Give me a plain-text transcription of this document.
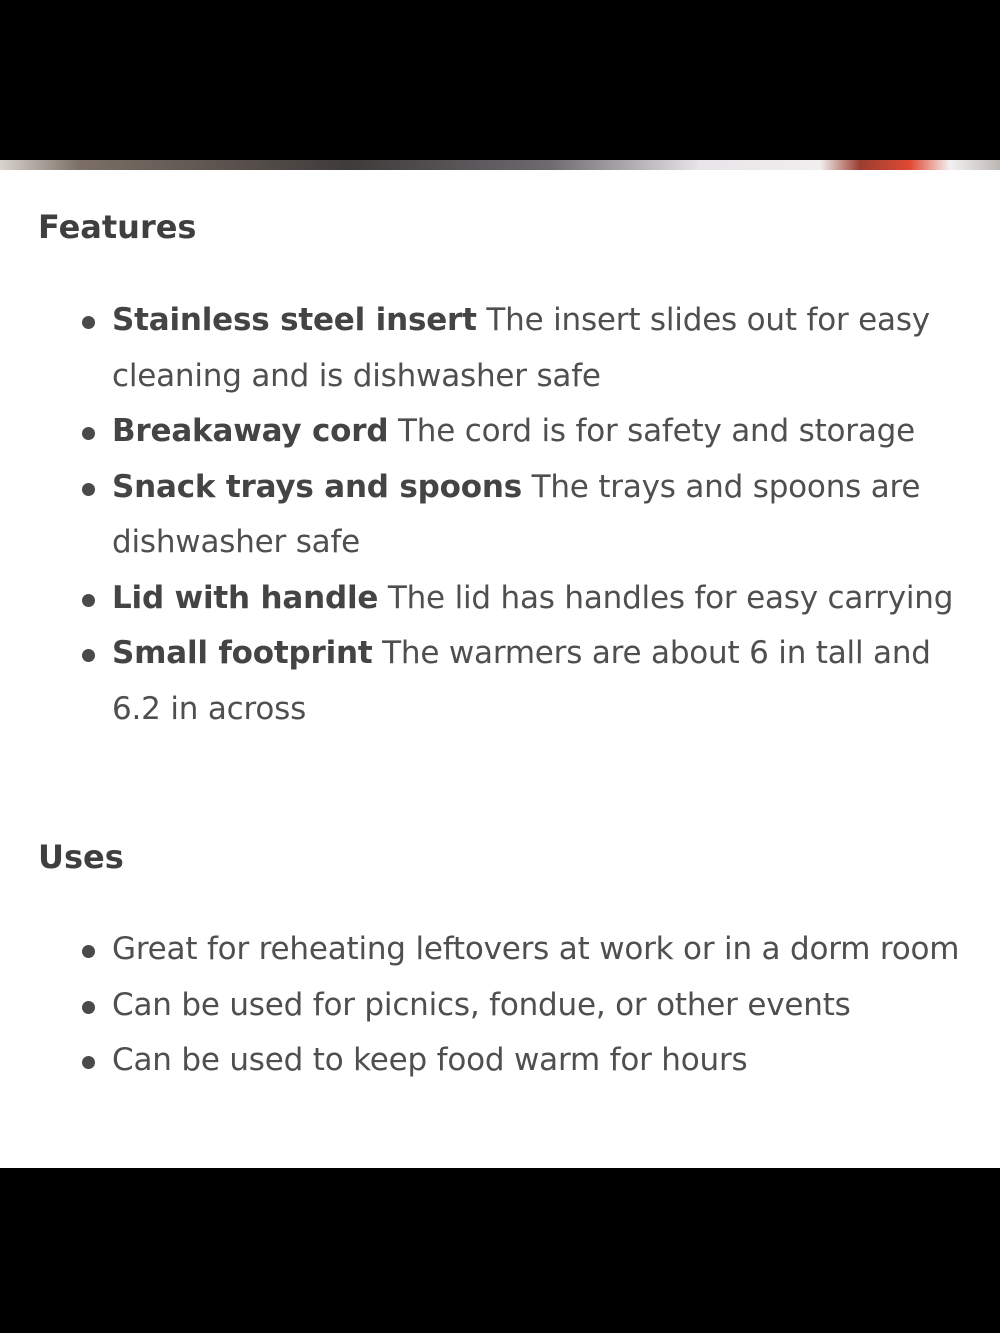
Features
Stainless steel insert The insert slides out for easy cleaning and is dishwasher safe
Breakaway cord The cord is for safety and storage
Snack trays and spoons The trays and spoons are dishwasher safe
Lid with handle The lid has handles for easy carrying
Small footprint The warmers are about 6 in tall and 6.2 in across
Uses
Great for reheating leftovers at work or in a dorm room
Can be used for picnics, fondue, or other events
Can be used to keep food warm for hours
